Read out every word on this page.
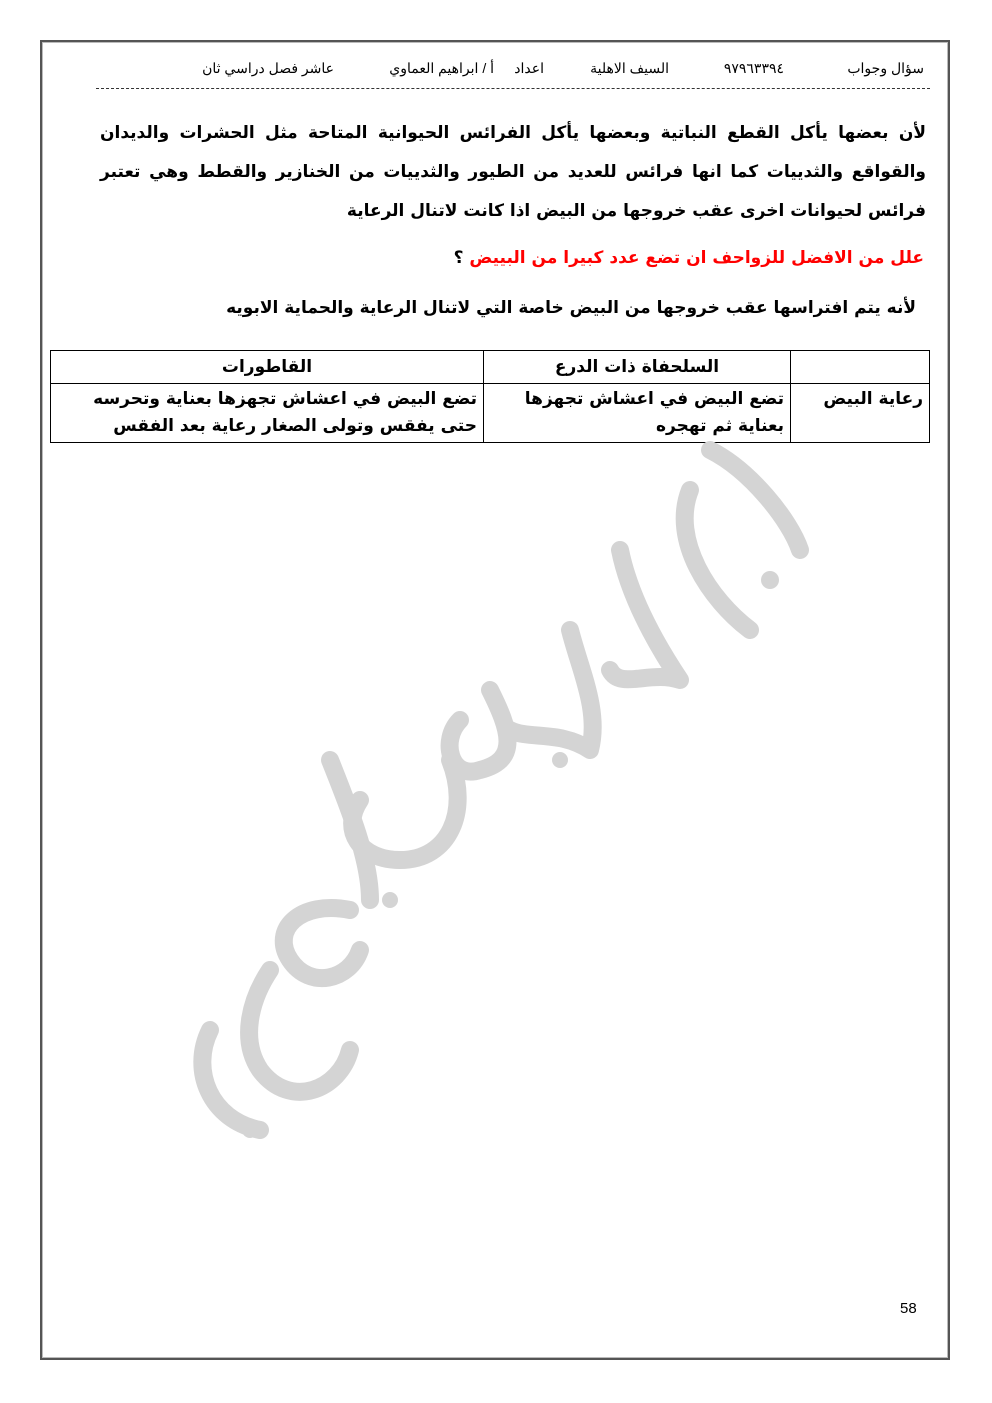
سؤال وجواب
٩٧٩٦٣٣٩٤
السيف الاهلية
اعداد
أ / ابراهيم العماوي
عاشر فصل دراسي ثان
لأن بعضها يأكل القطع النباتية وبعضها يأكل الفرائس الحيوانية المتاحة مثل الحشرات والديدان والقواقع والثدييات كما انها فرائس للعديد من الطيور والثدييات من الخنازير والقطط وهي تعتبر فرائس لحيوانات اخرى عقب خروجها من البيض اذا كانت لاتنال الرعاية
علل من الافضل للزواحف ان تضع عدد كبيرا من البييض ؟
لأنه يتم افتراسها عقب خروجها من البيض خاصة التي لاتنال الرعاية والحماية الابويه
	السلحفاة ذات الدرع	القاطورات
رعاية البيض	تضع البيض في اعشاش تجهزها بعناية ثم تهجره	تضع البيض في اعشاش تجهزها بعناية وتحرسه حتى يفقس وتولى الصغار رعاية بعد الفقس
58
